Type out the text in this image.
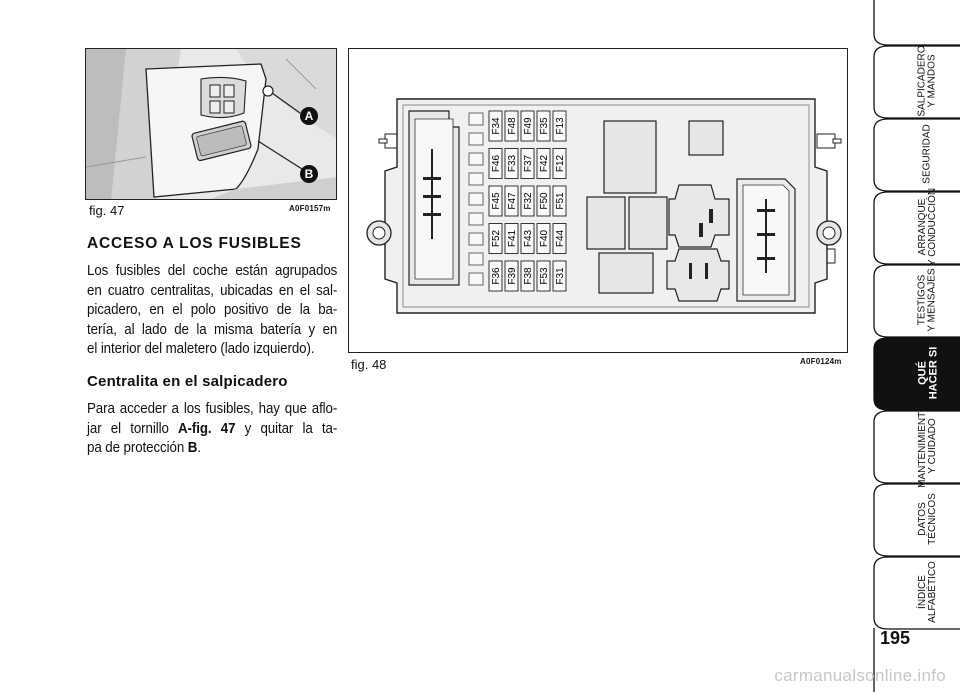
A
B
fig. 47	A0F0157m
F34
F46
F45
F52
F36
F48
F33
F47
F41
F39
F49
F37
F32
F43
F38
F35
F42
F50
F40
F53
F13
F12
F51
F44
F31
fig. 48	A0F0124m
ACCESO A LOS FUSIBLES
Los fusibles del coche están agrupados
en cuatro centralitas, ubicadas en el sal-
picadero, en el polo positivo de la ba-
tería, al lado de la misma batería y en
el interior del maletero (lado izquierdo).
Centralita en el salpicadero
Para acceder a los fusibles, hay que aflo-
jar el tornillo A-fig. 47 y quitar la ta-
pa de protección B.
SALPICADERO
Y MANDOS
SEGURIDAD
ARRANQUE
Y CONDUCCIÓN
TESTIGOS
Y MENSAJES
QUÉ
HACER SI
MANTENIMIENTO
Y CUIDADO
DATOS
TÉCNICOS
ÍNDICE
ALFABÉTICO
195
carmanualsonline.info
